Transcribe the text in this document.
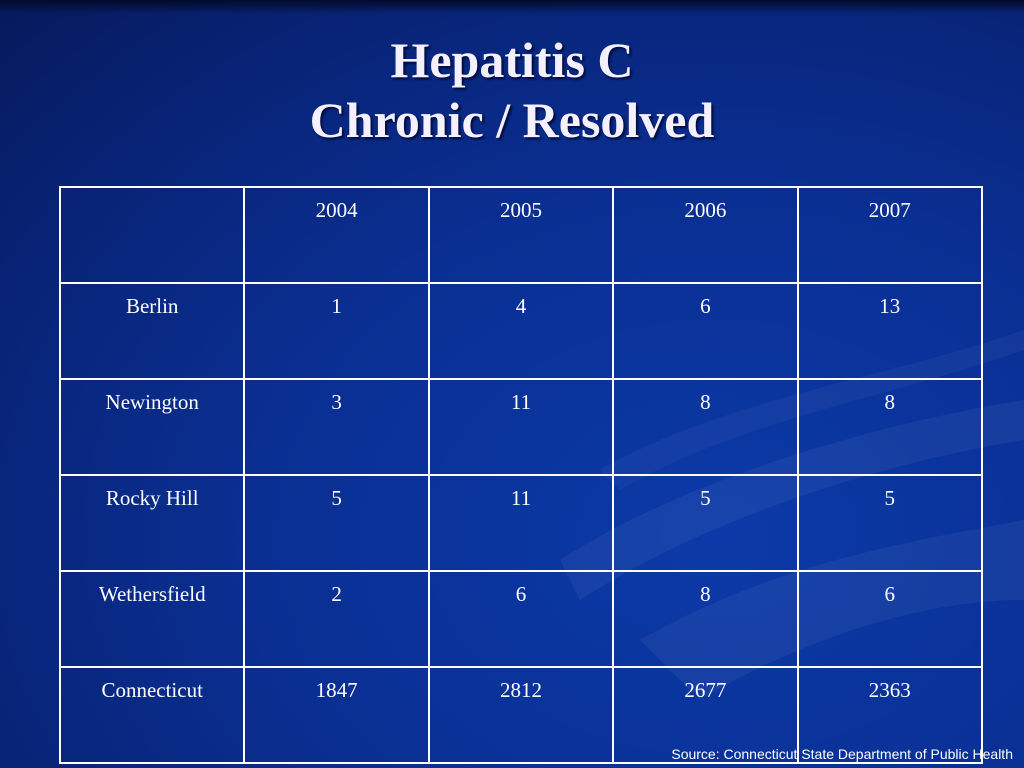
Hepatitis C
Chronic / Resolved
	2004	2005	2006	2007
Berlin	1	4	6	13
Newington	3	11	8	8
Rocky Hill	5	11	5	5
Wethersfield	2	6	8	6
Connecticut	1847	2812	2677	2363
Source: Connecticut State Department of Public Health
